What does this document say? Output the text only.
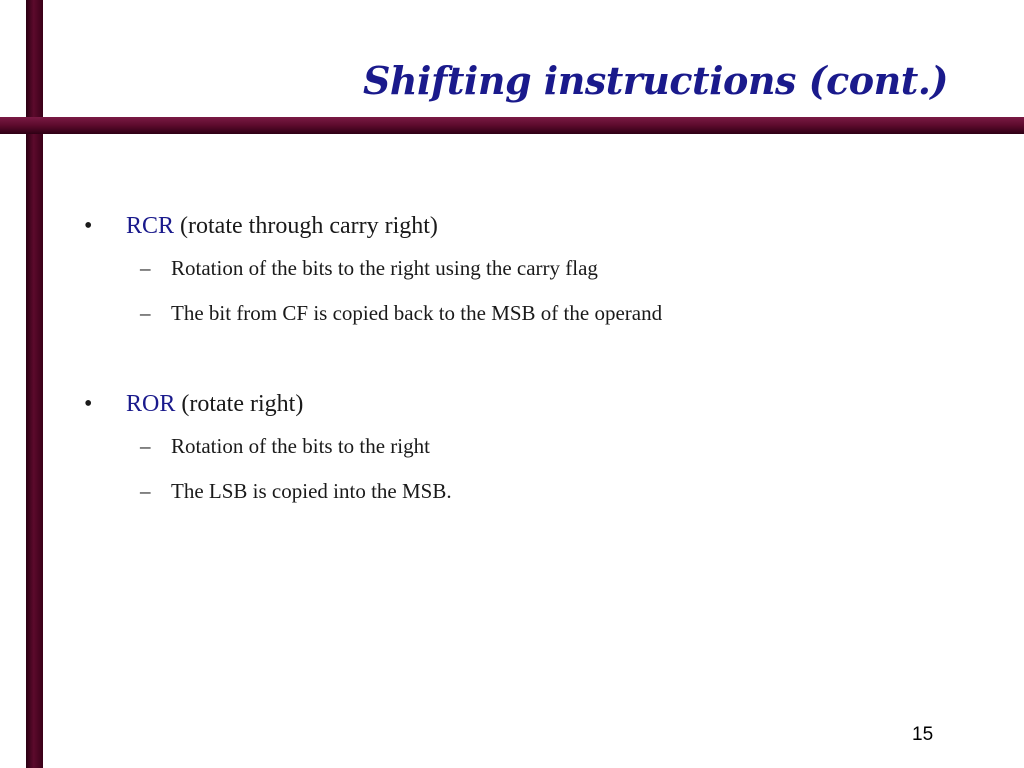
Shifting instructions (cont.)
•	RCR (rotate through carry right)
– Rotation of the bits to the right using the carry flag
– The bit from CF is copied back to the MSB of the operand
•	ROR (rotate right)
– Rotation of the bits to the right
– The LSB is copied into the MSB.
15
